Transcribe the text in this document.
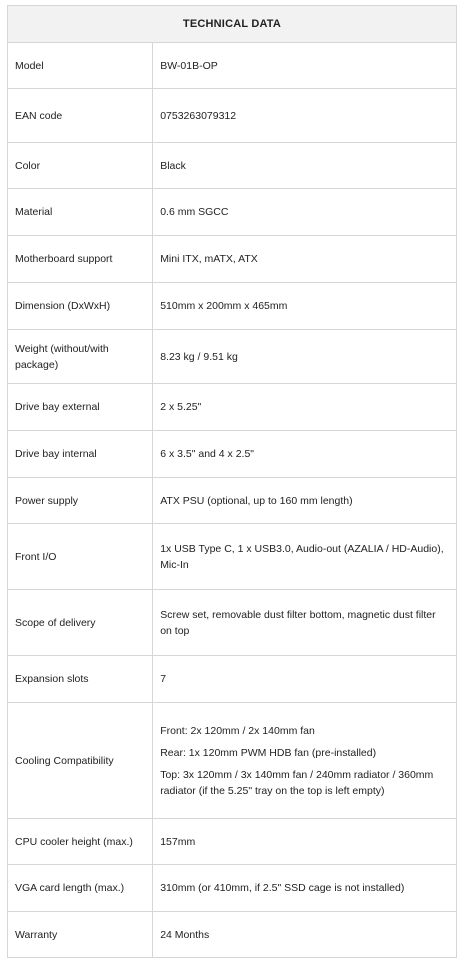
TECHNICAL DATA	
Model	BW-01B-OP
EAN code	0753263079312
Color	Black
Material	0.6 mm SGCC
Motherboard support	Mini ITX, mATX, ATX
Dimension (DxWxH)	510mm x 200mm x 465mm
Weight (without/with package)	8.23 kg / 9.51 kg
Drive bay external	2 x 5.25"
Drive bay internal	6 x 3.5" and 4 x 2.5"
Power supply	ATX PSU (optional, up to 160 mm length)
Front I/O	1x USB Type C, 1 x USB3.0, Audio-out (AZALIA / HD-Audio), Mic-In
Scope of delivery	Screw set, removable dust filter bottom, magnetic dust filter on top
Expansion slots	7
Cooling Compatibility	Front: 2x 120mm / 2x 140mm fan
Rear: 1x 120mm PWM HDB fan (pre-installed)
Top: 3x 120mm / 3x 140mm fan / 240mm radiator / 360mm radiator (if the 5.25" tray on the top is left empty)

CPU cooler height (max.)	157mm
VGA card length (max.)	310mm (or 410mm, if 2.5" SSD cage is not installed)
Warranty	24 Months
